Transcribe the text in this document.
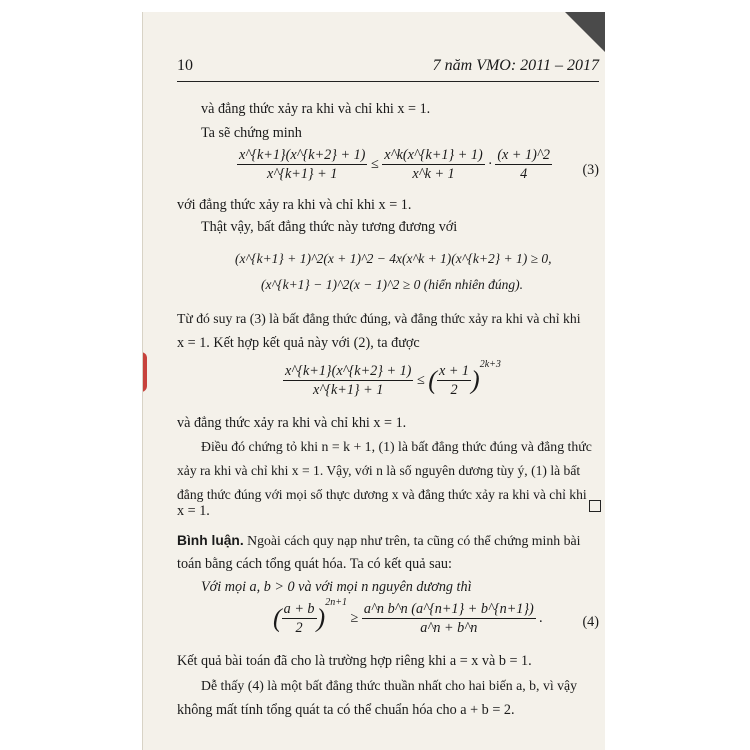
10	7 năm VMO: 2011 – 2017
và đẳng thức xảy ra khi và chỉ khi x = 1.
Ta sẽ chứng minh
$\frac{x\^{}\{k+1\}(x\^{}\{k+2\} + 1)}{x\^{}\{k+1\} + 1} \le \frac{x\^{}k(x\^{}\{k+1\} + 1)}{x\^{}k + 1} \cdot \frac{(x + 1)\^{}2}{4} (3)$
với đẳng thức xảy ra khi và chỉ khi x = 1.
Thật vậy, bất đẳng thức này tương đương với
(x^{k+1} + 1)^2(x + 1)^2 − 4x(x^k + 1)(x^{k+2} + 1) ≥ 0,
(x^{k+1} − 1)^2(x − 1)^2 ≥ 0 (hiển nhiên đúng).
Từ đó suy ra (3) là bất đẳng thức đúng, và đẳng thức xảy ra khi và chỉ khi
x = 1. Kết hợp kết quả này với (2), ta được
$\frac{x\^{}\{k+1\}(x\^{}\{k+2\} + 1)}{x\^{}\{k+1\} + 1}$ ≤ ( $\frac{x + 1}{2} )^{2k+3}$
và đẳng thức xảy ra khi và chỉ khi x = 1.
Điều đó chứng tỏ khi n = k + 1, (1) là bất đẳng thức đúng và đẳng thức
xảy ra khi và chỉ khi x = 1. Vậy, với n là số nguyên dương tùy ý, (1) là bất
đẳng thức đúng với mọi số thực dương x và đẳng thức xảy ra khi và chỉ khi
x = 1.
Bình luận. Ngoài cách quy nạp như trên, ta cũng có thể chứng minh bài
toán bằng cách tổng quát hóa. Ta có kết quả sau:
Với mọi a, b > 0 và với mọi n nguyên dương thì
( $\frac{a + b}{2} )^{2n+1} \ge \frac{\text{a\textasciicircum{}n b\textasciicircum{}n (a\textasciicircum{}\{n+1\} + b\textasciicircum{}\{n+1\})}}{a\^{}n + b\^{}n}$ .	(4)
Kết quả bài toán đã cho là trường hợp riêng khi a = x và b = 1.
Dễ thấy (4) là một bất đẳng thức thuần nhất cho hai biến a, b, vì vậy
không mất tính tổng quát ta có thể chuẩn hóa cho a + b = 2.
